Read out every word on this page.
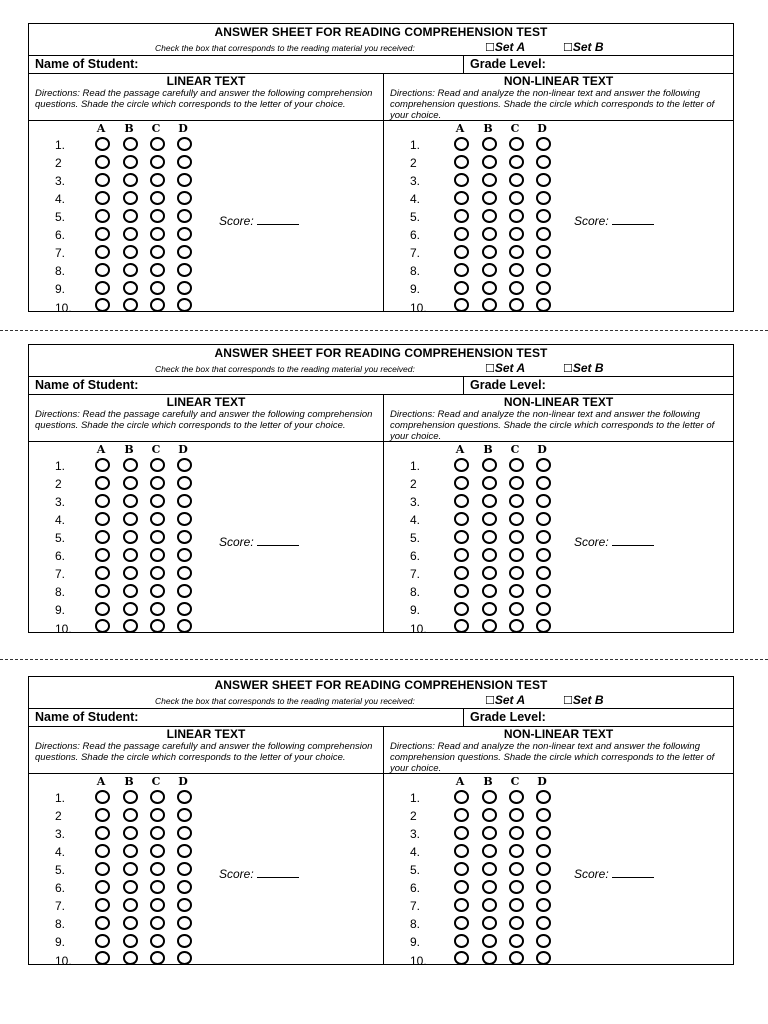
ANSWER SHEET FOR READING COMPREHENSION TEST
Check the box that corresponds to the reading material you received:	☐Set A	☐Set B
Name of Student:	Grade Level:
LINEAR TEXT
Directions: Read the passage carefully and answer the following comprehension questions. Shade the circle which corresponds to the letter of your choice.
A	B	C	D
1.
2
3.
4.
5.
6.
7.
8.
9.
10.
Score:
NON-LINEAR TEXT
Directions: Read and analyze the non-linear text and answer the following comprehension questions. Shade the circle which corresponds to the letter of your choice.
A	B	C	D
1.
2
3.
4.
5.
6.
7.
8.
9.
10.
Score:
ANSWER SHEET FOR READING COMPREHENSION TEST
Check the box that corresponds to the reading material you received:	☐Set A	☐Set B
Name of Student:	Grade Level:
LINEAR TEXT
Directions: Read the passage carefully and answer the following comprehension questions. Shade the circle which corresponds to the letter of your choice.
A	B	C	D
1.
2
3.
4.
5.
6.
7.
8.
9.
10.
Score:
NON-LINEAR TEXT
Directions: Read and analyze the non-linear text and answer the following comprehension questions. Shade the circle which corresponds to the letter of your choice.
A	B	C	D
1.
2
3.
4.
5.
6.
7.
8.
9.
10.
Score:
ANSWER SHEET FOR READING COMPREHENSION TEST
Check the box that corresponds to the reading material you received:	☐Set A	☐Set B
Name of Student:	Grade Level:
LINEAR TEXT
Directions: Read the passage carefully and answer the following comprehension questions. Shade the circle which corresponds to the letter of your choice.
A	B	C	D
1.
2
3.
4.
5.
6.
7.
8.
9.
10.
Score:
NON-LINEAR TEXT
Directions: Read and analyze the non-linear text and answer the following comprehension questions. Shade the circle which corresponds to the letter of your choice.
A	B	C	D
1.
2
3.
4.
5.
6.
7.
8.
9.
10.
Score:
